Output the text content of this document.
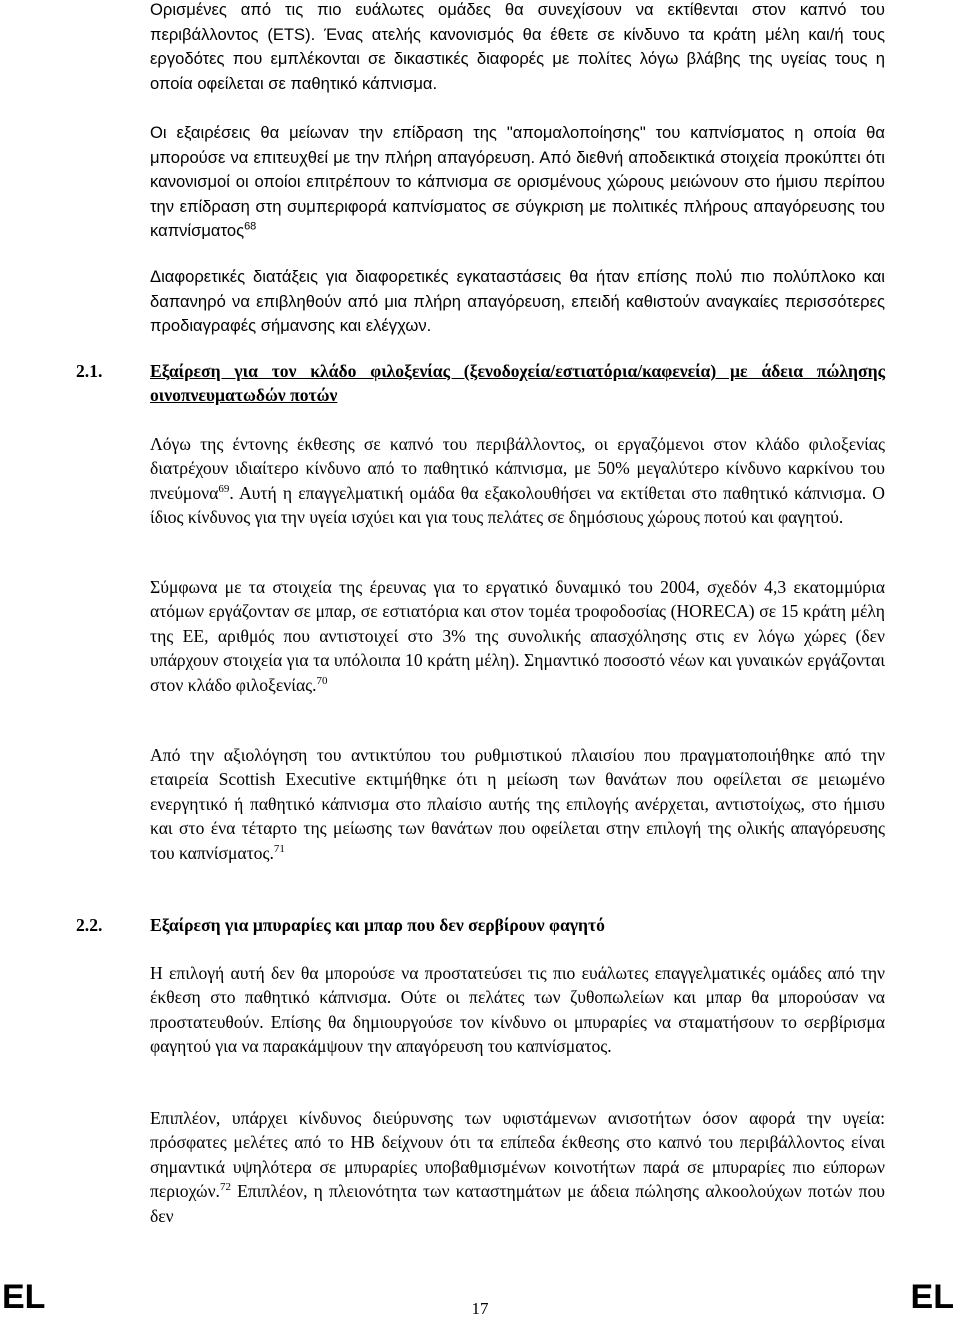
Ορισμένες από τις πιο ευάλωτες ομάδες θα συνεχίσουν να εκτίθενται στον καπνό του περιβάλλοντος (ETS). Ένας ατελής κανονισμός θα έθετε σε κίνδυνο τα κράτη μέλη και/ή τους εργοδότες που εμπλέκονται σε δικαστικές διαφορές με πολίτες λόγω βλάβης της υγείας τους η οποία οφείλεται σε παθητικό κάπνισμα.

Οι εξαιρέσεις θα μείωναν την επίδραση της "απομαλοποίησης" του καπνίσματος η οποία θα μπορούσε να επιτευχθεί με την πλήρη απαγόρευση. Από διεθνή αποδεικτικά στοιχεία προκύπτει ότι κανονισμοί οι οποίοι επιτρέπουν το κάπνισμα σε ορισμένους χώρους μειώνουν στο ήμισυ περίπου την επίδραση στη συμπεριφορά καπνίσματος σε σύγκριση με πολιτικές πλήρους απαγόρευσης του καπνίσματος$^{68}$

Διαφορετικές διατάξεις για διαφορετικές εγκαταστάσεις θα ήταν επίσης πολύ πιο πολύπλοκο και δαπανηρό να επιβληθούν από μια πλήρη απαγόρευση, επειδή καθιστούν αναγκαίες περισσότερες προδιαγραφές σήμανσης και ελέγχων.

2.1.	Εξαίρεση για τον κλάδο φιλοξενίας (ξενοδοχεία/εστιατόρια/καφενεία) με άδεια πώλησης οινοπνευματωδών ποτών

Λόγω της έντονης έκθεσης σε καπνό του περιβάλλοντος, οι εργαζόμενοι στον κλάδο φιλοξενίας διατρέχουν ιδιαίτερο κίνδυνο από το παθητικό κάπνισμα, με 50% μεγαλύτερο κίνδυνο καρκίνου του πνεύμονα$^{69}$. Αυτή η επαγγελματική ομάδα θα εξακολουθήσει να εκτίθεται στο παθητικό κάπνισμα. Ο ίδιος κίνδυνος για την υγεία ισχύει και για τους πελάτες σε δημόσιους χώρους ποτού και φαγητού.

Σύμφωνα με τα στοιχεία της έρευνας για το εργατικό δυναμικό του 2004, σχεδόν 4,3 εκατομμύρια ατόμων εργάζονταν σε μπαρ, σε εστιατόρια και στον τομέα τροφοδοσίας (HORECA) σε 15 κράτη μέλη της ΕΕ, αριθμός που αντιστοιχεί στο 3% της συνολικής απασχόλησης στις εν λόγω χώρες (δεν υπάρχουν στοιχεία για τα υπόλοιπα 10 κράτη μέλη). Σημαντικό ποσοστό νέων και γυναικών εργάζονται στον κλάδο φιλοξενίας.$^{70}$

Από την αξιολόγηση του αντικτύπου του ρυθμιστικού πλαισίου που πραγματοποιήθηκε από την εταιρεία Scottish Executive εκτιμήθηκε ότι η μείωση των θανάτων που οφείλεται σε μειωμένο ενεργητικό ή παθητικό κάπνισμα στο πλαίσιο αυτής της επιλογής ανέρχεται, αντιστοίχως, στο ήμισυ και στο ένα τέταρτο της μείωσης των θανάτων που οφείλεται στην επιλογή της ολικής απαγόρευσης του καπνίσματος.$^{71}$

2.2.	Εξαίρεση για μπυραρίες και μπαρ που δεν σερβίρουν φαγητό

Η επιλογή αυτή δεν θα μπορούσε να προστατεύσει τις πιο ευάλωτες επαγγελματικές ομάδες από την έκθεση στο παθητικό κάπνισμα. Ούτε οι πελάτες των ζυθοπωλείων και μπαρ θα μπορούσαν να προστατευθούν. Επίσης θα δημιουργούσε τον κίνδυνο οι μπυραρίες να σταματήσουν το σερβίρισμα φαγητού για να παρακάμψουν την απαγόρευση του καπνίσματος.

Επιπλέον, υπάρχει κίνδυνος διεύρυνσης των υφιστάμενων ανισοτήτων όσον αφορά την υγεία: πρόσφατες μελέτες από το HB δείχνουν ότι τα επίπεδα έκθεσης στο καπνό του περιβάλλοντος είναι σημαντικά υψηλότερα σε μπυραρίες υποβαθμισμένων κοινοτήτων παρά σε μπυραρίες πιο εύπορων περιοχών.$^{72}$ Επιπλέον, η πλειονότητα των καταστημάτων με άδεια πώλησης αλκοολούχων ποτών που δεν

EL	17	EL
